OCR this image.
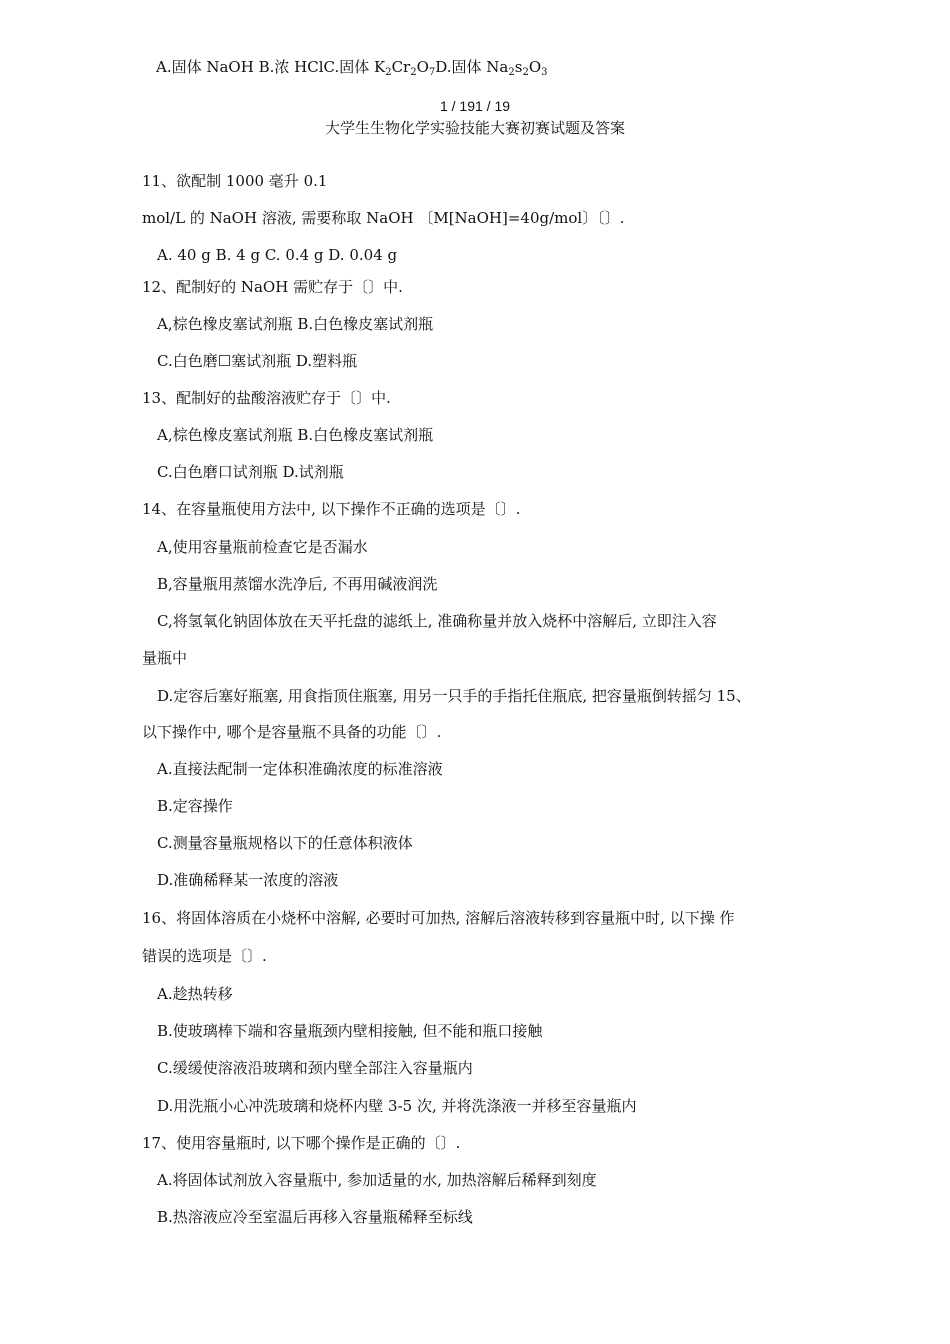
A.固体 NaOH B.浓 HClC.固体 $K_2Cr_2O_7D$.固体 $Na_2s_2O_3$
1 / 191 / 19
大学生生物化学实验技能大赛初赛试题及答案
11、欲配制 1000 毫升 0.1
mol/L 的 NaOH 溶液, 需要称取 NaOH 〔M[NaOH]=40g/mol〕〔〕.
A. 40 g B. 4 g C. 0.4 g D. 0.04 g
12、配制好的 NaOH 需贮存于〔〕中.
A,棕色橡皮塞试剂瓶 B.白色橡皮塞试剂瓶
C.白色磨☐塞试剂瓶 D.塑料瓶
13、配制好的盐酸溶液贮存于〔〕中.
A,棕色橡皮塞试剂瓶 B.白色橡皮塞试剂瓶
C.白色磨口试剂瓶 D.试剂瓶
14、在容量瓶使用方法中, 以下操作不正确的选项是〔〕.
A,使用容量瓶前检查它是否漏水
B,容量瓶用蒸馏水洗净后, 不再用碱液润洗
C,将氢氧化钠固体放在天平托盘的滤纸上, 准确称量并放入烧杯中溶解后, 立即注入容
量瓶中
D.定容后塞好瓶塞, 用食指顶住瓶塞, 用另一只手的手指托住瓶底, 把容量瓶倒转摇匀 15、
以下操作中, 哪个是容量瓶不具备的功能〔〕.
A.直接法配制一定体积准确浓度的标准溶液
B.定容操作
C.测量容量瓶规格以下的任意体积液体
D.准确稀释某一浓度的溶液
16、将固体溶质在小烧杯中溶解, 必要时可加热, 溶解后溶液转移到容量瓶中时, 以下操 作
错误的选项是〔〕.
A.趁热转移
B.使玻璃棒下端和容量瓶颈内壁相接触, 但不能和瓶口接触
C.缓缓使溶液沿玻璃和颈内壁全部注入容量瓶内
D.用洗瓶小心冲洗玻璃和烧杯内壁 3-5 次, 并将洗涤液一并移至容量瓶内
17、使用容量瓶时, 以下哪个操作是正确的〔〕.
A.将固体试剂放入容量瓶中, 参加适量的水, 加热溶解后稀释到刻度
B.热溶液应冷至室温后再移入容量瓶稀释至标线
